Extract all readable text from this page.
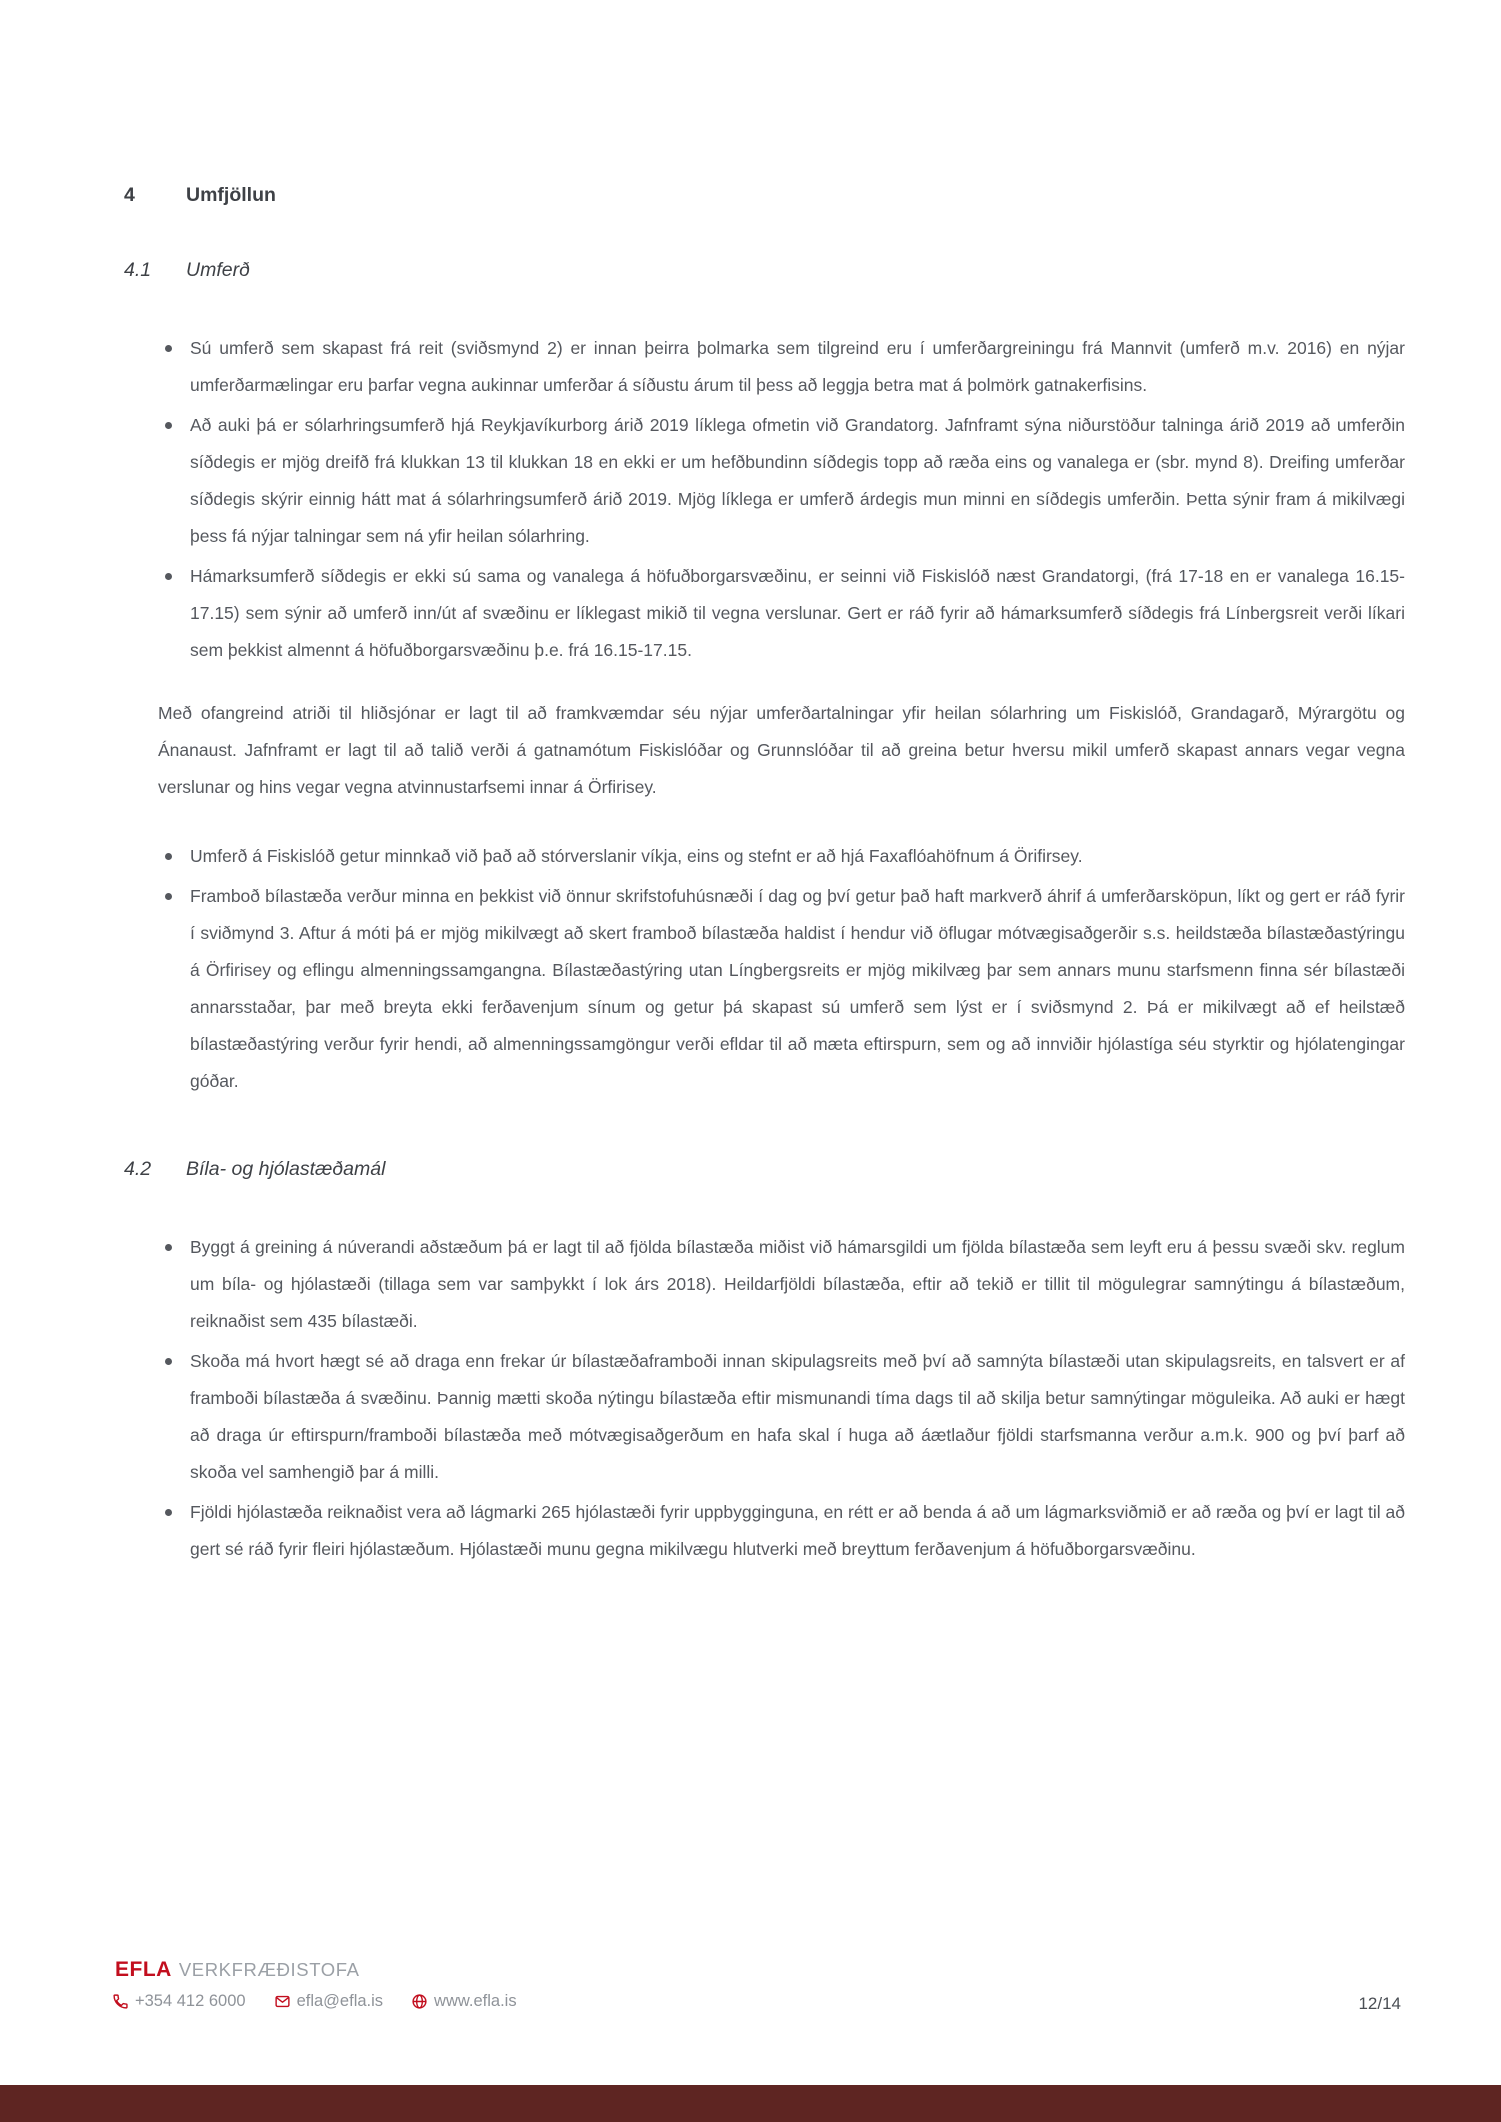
4	Umfjöllun
4.1	Umferð
Sú umferð sem skapast frá reit (sviðsmynd 2) er innan þeirra þolmarka sem tilgreind eru í umferðargreiningu frá Mannvit (umferð m.v. 2016) en nýjar umferðarmælingar eru þarfar vegna aukinnar umferðar á síðustu árum til þess að leggja betra mat á þolmörk gatnakerfisins.
Að auki þá er sólarhringsumferð hjá Reykjavíkurborg árið 2019 líklega ofmetin við Grandatorg. Jafnframt sýna niðurstöður talninga árið 2019 að umferðin síðdegis er mjög dreifð frá klukkan 13 til klukkan 18 en ekki er um hefðbundinn síðdegis topp að ræða eins og vanalega er (sbr. mynd 8). Dreifing umferðar síðdegis skýrir einnig hátt mat á sólarhringsumferð árið 2019. Mjög líklega er umferð árdegis mun minni en síðdegis umferðin. Þetta sýnir fram á mikilvægi þess fá nýjar talningar sem ná yfir heilan sólarhring.
Hámarksumferð síðdegis er ekki sú sama og vanalega á höfuðborgarsvæðinu, er seinni við Fiskislóð næst Grandatorgi, (frá 17-18 en er vanalega 16.15-17.15) sem sýnir að umferð inn/út af svæðinu er líklegast mikið til vegna verslunar. Gert er ráð fyrir að hámarksumferð síðdegis frá Línbergsreit verði líkari sem þekkist almennt á höfuðborgarsvæðinu þ.e. frá 16.15-17.15.

Með ofangreind atriði til hliðsjónar er lagt til að framkvæmdar séu nýjar umferðartalningar yfir heilan sólarhring um Fiskislóð, Grandagarð, Mýrargötu og Ánanaust. Jafnframt er lagt til að talið verði á gatnamótum Fiskislóðar og Grunnslóðar til að greina betur hversu mikil umferð skapast annars vegar vegna verslunar og hins vegar vegna atvinnustarfsemi innar á Örfirisey.

Umferð á Fiskislóð getur minnkað við það að stórverslanir víkja, eins og stefnt er að hjá Faxaflóahöfnum á Örifirsey.
Framboð bílastæða verður minna en þekkist við önnur skrifstofuhúsnæði í dag og því getur það haft markverð áhrif á umferðarsköpun, líkt og gert er ráð fyrir í sviðmynd 3. Aftur á móti þá er mjög mikilvægt að skert framboð bílastæða haldist í hendur við öflugar mótvægisaðgerðir s.s. heildstæða bílastæðastýringu á Örfirisey og eflingu almenningssamgangna. Bílastæðastýring utan Língbergsreits er mjög mikilvæg þar sem annars munu starfsmenn finna sér bílastæði annarsstaðar, þar með breyta ekki ferðavenjum sínum og getur þá skapast sú umferð sem lýst er í sviðsmynd 2. Þá er mikilvægt að ef heilstæð bílastæðastýring verður fyrir hendi, að almenningssamgöngur verði efldar til að mæta eftirspurn, sem og að innviðir hjólastíga séu styrktir og hjólatengingar góðar.
4.2	Bíla- og hjólastæðamál
Byggt á greining á núverandi aðstæðum þá er lagt til að fjölda bílastæða miðist við hámarsgildi um fjölda bílastæða sem leyft eru á þessu svæði skv. reglum um bíla- og hjólastæði (tillaga sem var samþykkt í lok árs 2018). Heildarfjöldi bílastæða, eftir að tekið er tillit til mögulegrar samnýtingu á bílastæðum, reiknaðist sem 435 bílastæði.
Skoða má hvort hægt sé að draga enn frekar úr bílastæðaframboði innan skipulagsreits með því að samnýta bílastæði utan skipulagsreits, en talsvert er af framboði bílastæða á svæðinu. Þannig mætti skoða nýtingu bílastæða eftir mismunandi tíma dags til að skilja betur samnýtingar möguleika. Að auki er hægt að draga úr eftirspurn/framboði bílastæða með mótvægisaðgerðum en hafa skal í huga að áætlaður fjöldi starfsmanna verður a.m.k. 900 og því þarf að skoða vel samhengið þar á milli.
Fjöldi hjólastæða reiknaðist vera að lágmarki 265 hjólastæði fyrir uppbygginguna, en rétt er að benda á að um lágmarksviðmið er að ræða og því er lagt til að gert sé ráð fyrir fleiri hjólastæðum. Hjólastæði munu gegna mikilvægu hlutverki með breyttum ferðavenjum á höfuðborgarsvæðinu.
EFLA VERKFRÆÐISTOFA
+354 412 6000	efla@efla.is	www.efla.is	12/14
